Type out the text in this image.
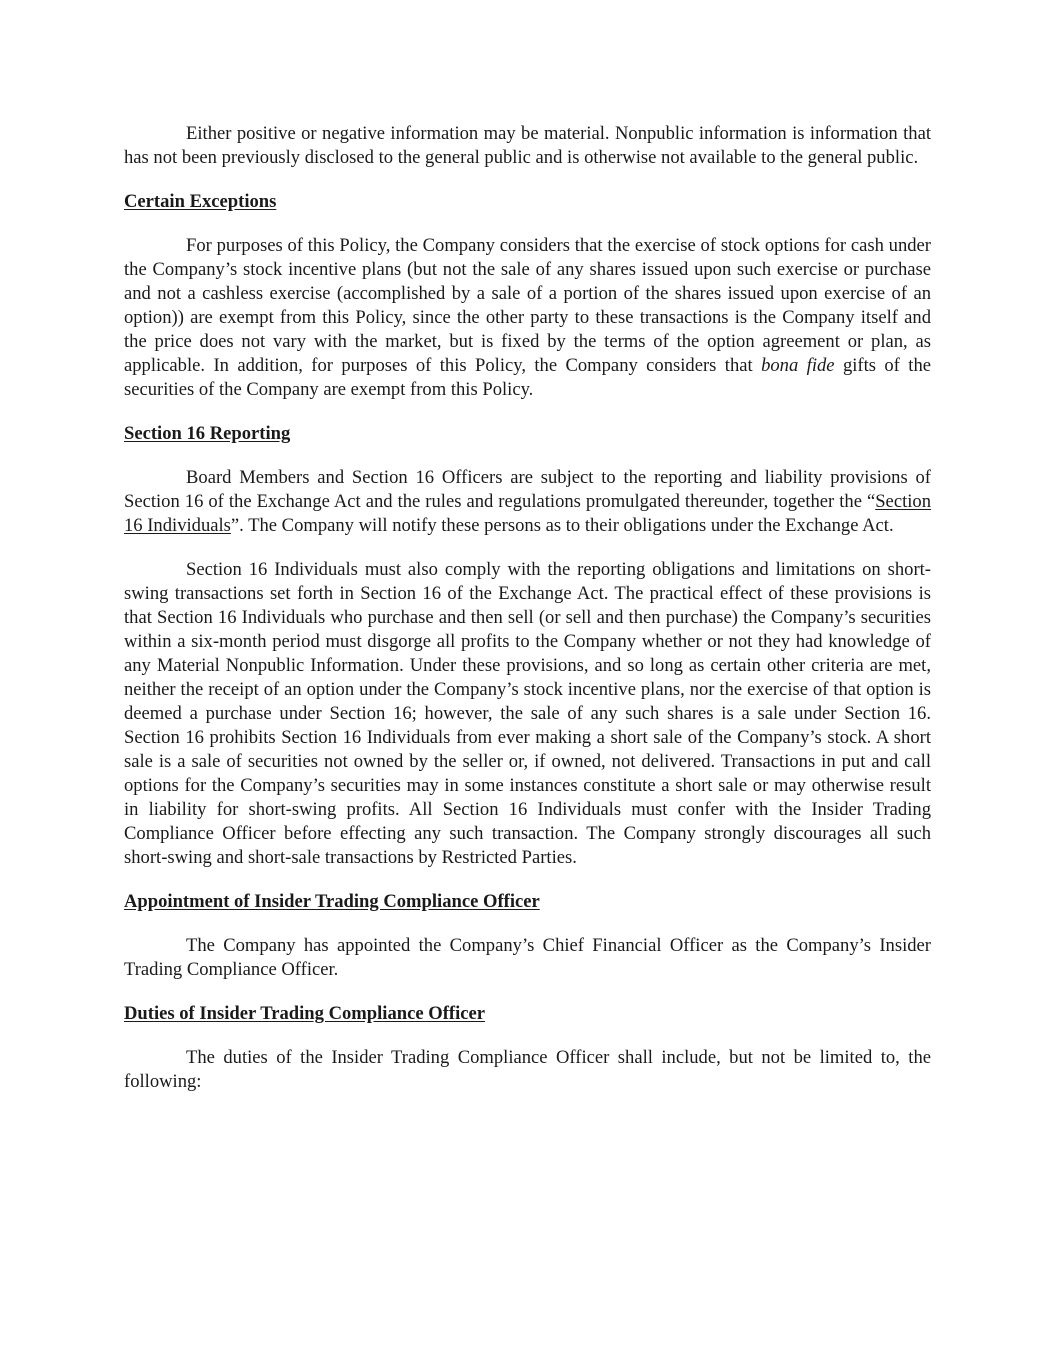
Either positive or negative information may be material. Nonpublic information is information that has not been previously disclosed to the general public and is otherwise not available to the general public.

Certain Exceptions

For purposes of this Policy, the Company considers that the exercise of stock options for cash under the Company’s stock incentive plans (but not the sale of any shares issued upon such exercise or purchase and not a cashless exercise (accomplished by a sale of a portion of the shares issued upon exercise of an option)) are exempt from this Policy, since the other party to these transactions is the Company itself and the price does not vary with the market, but is fixed by the terms of the option agreement or plan, as applicable. In addition, for purposes of this Policy, the Company considers that bona fide gifts of the securities of the Company are exempt from this Policy.

Section 16 Reporting

Board Members and Section 16 Officers are subject to the reporting and liability provisions of Section 16 of the Exchange Act and the rules and regulations promulgated thereunder, together the “Section 16 Individuals”. The Company will notify these persons as to their obligations under the Exchange Act.

Section 16 Individuals must also comply with the reporting obligations and limitations on short-swing transactions set forth in Section 16 of the Exchange Act. The practical effect of these provisions is that Section 16 Individuals who purchase and then sell (or sell and then purchase) the Company’s securities within a six-month period must disgorge all profits to the Company whether or not they had knowledge of any Material Nonpublic Information. Under these provisions, and so long as certain other criteria are met, neither the receipt of an option under the Company’s stock incentive plans, nor the exercise of that option is deemed a purchase under Section 16; however, the sale of any such shares is a sale under Section 16. Section 16 prohibits Section 16 Individuals from ever making a short sale of the Company’s stock. A short sale is a sale of securities not owned by the seller or, if owned, not delivered. Transactions in put and call options for the Company’s securities may in some instances constitute a short sale or may otherwise result in liability for short-swing profits. All Section 16 Individuals must confer with the Insider Trading Compliance Officer before effecting any such transaction. The Company strongly discourages all such short-swing and short-sale transactions by Restricted Parties.

Appointment of Insider Trading Compliance Officer

The Company has appointed the Company’s Chief Financial Officer as the Company’s Insider Trading Compliance Officer.

Duties of Insider Trading Compliance Officer

The duties of the Insider Trading Compliance Officer shall include, but not be limited to, the following:
